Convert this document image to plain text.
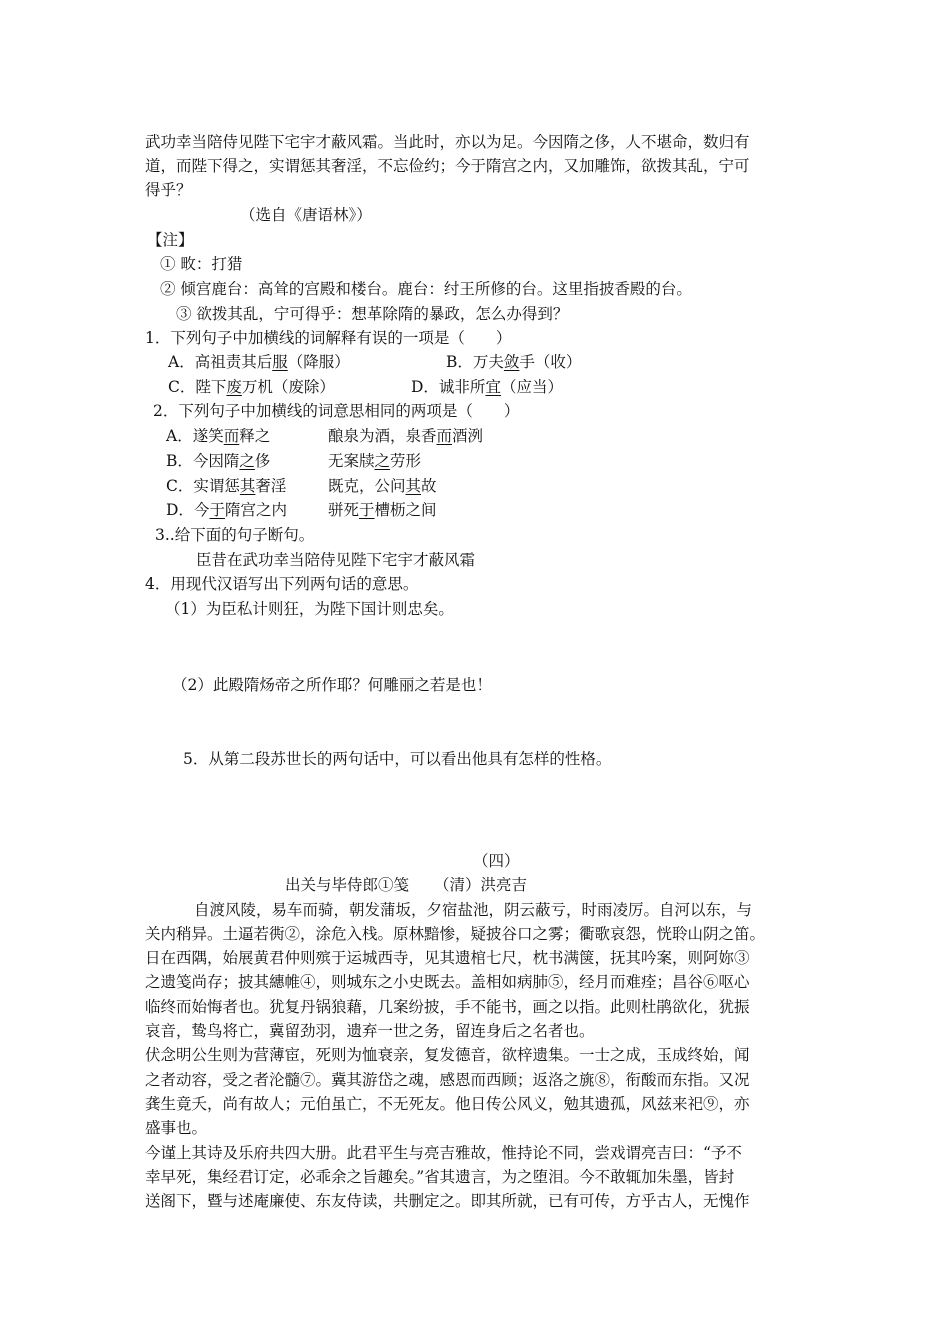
武功幸当陪侍见陛下宅宇才蔽风霜。当此时，亦以为足。今因隋之侈，人不堪命，数归有
道，而陛下得之，实谓惩其奢淫，不忘俭约；今于隋宫之内，又加雕饰，欲拨其乱，宁可
得乎？
（选自《唐语林》）
【注】
① 畋：打猎
② 倾宫鹿台：高耸的宫殿和楼台。鹿台：纣王所修的台。这里指披香殿的台。
③ 欲拨其乱，宁可得乎：想革除隋的暴政，怎么办得到？
1．下列句子中加横线的词解释有误的一项是（　　）
A．高祖责其后服（降服）	B．万夫敛手（收）
C．陛下废万机（废除）	D．诚非所宜（应当）
2．下列句子中加横线的词意思相同的两项是（　　）
A．遂笑而释之	酿泉为酒，泉香而酒洌
B．今因隋之侈	无案牍之劳形
C．实谓惩其奢淫	既克，公问其故
D．今于隋宫之内	骈死于槽枥之间
3..给下面的句子断句。
臣昔在武功幸当陪侍见陛下宅宇才蔽风霜
4．用现代汉语写出下列两句话的意思。
（1）为臣私计则狂，为陛下国计则忠矣。
（2）此殿隋炀帝之所作耶？何雕丽之若是也！
5．从第二段苏世长的两句话中，可以看出他具有怎样的性格。
（四）
出关与毕侍郎①笺 （清）洪亮吉
自渡风陵，易车而骑，朝发蒲坂，夕宿盐池，阴云蔽亏，时雨凌厉。自河以东，与
关内稍异。土逼若衖②，涂危入栈。原林黯惨，疑披谷口之雾；衢歌哀怨，恍聆山阴之笛。
日在西隅，始展黄君仲则殡于运城西寺，见其遗棺七尺，枕书满箧，抚其吟案，则阿妳③
之遗笺尚存；披其繐帷④，则城东之小史既去。盖相如病肺⑤，经月而难痊；昌谷⑥呕心
临终而始悔者也。犹复丹锅狼藉，几案纷披，手不能书，画之以指。此则杜鹃欲化，犹振
哀音，鸷鸟将亡，冀留劲羽，遗弃一世之务，留连身后之名者也。
伏念明公生则为营薄宦，死则为恤衰亲，复发德音，欲梓遗集。一士之成，玉成终始，闻
之者动容，受之者沦髓⑦。冀其游岱之魂，感恩而西顾；返洛之旐⑧，衔酸而东指。又况
龚生竟夭，尚有故人；元伯虽亡，不无死友。他日传公风义，勉其遗孤，风兹来祀⑨，亦
盛事也。
今谨上其诗及乐府共四大册。此君平生与亮吉雅故，惟持论不同，尝戏谓亮吉曰：“予不
幸早死，集经君订定，必乖余之旨趣矣。”省其遗言，为之堕泪。今不敢辄加朱墨，皆封
送阁下，暨与述庵廉使、东友侍读，共删定之。即其所就，已有可传，方乎古人，无愧作
